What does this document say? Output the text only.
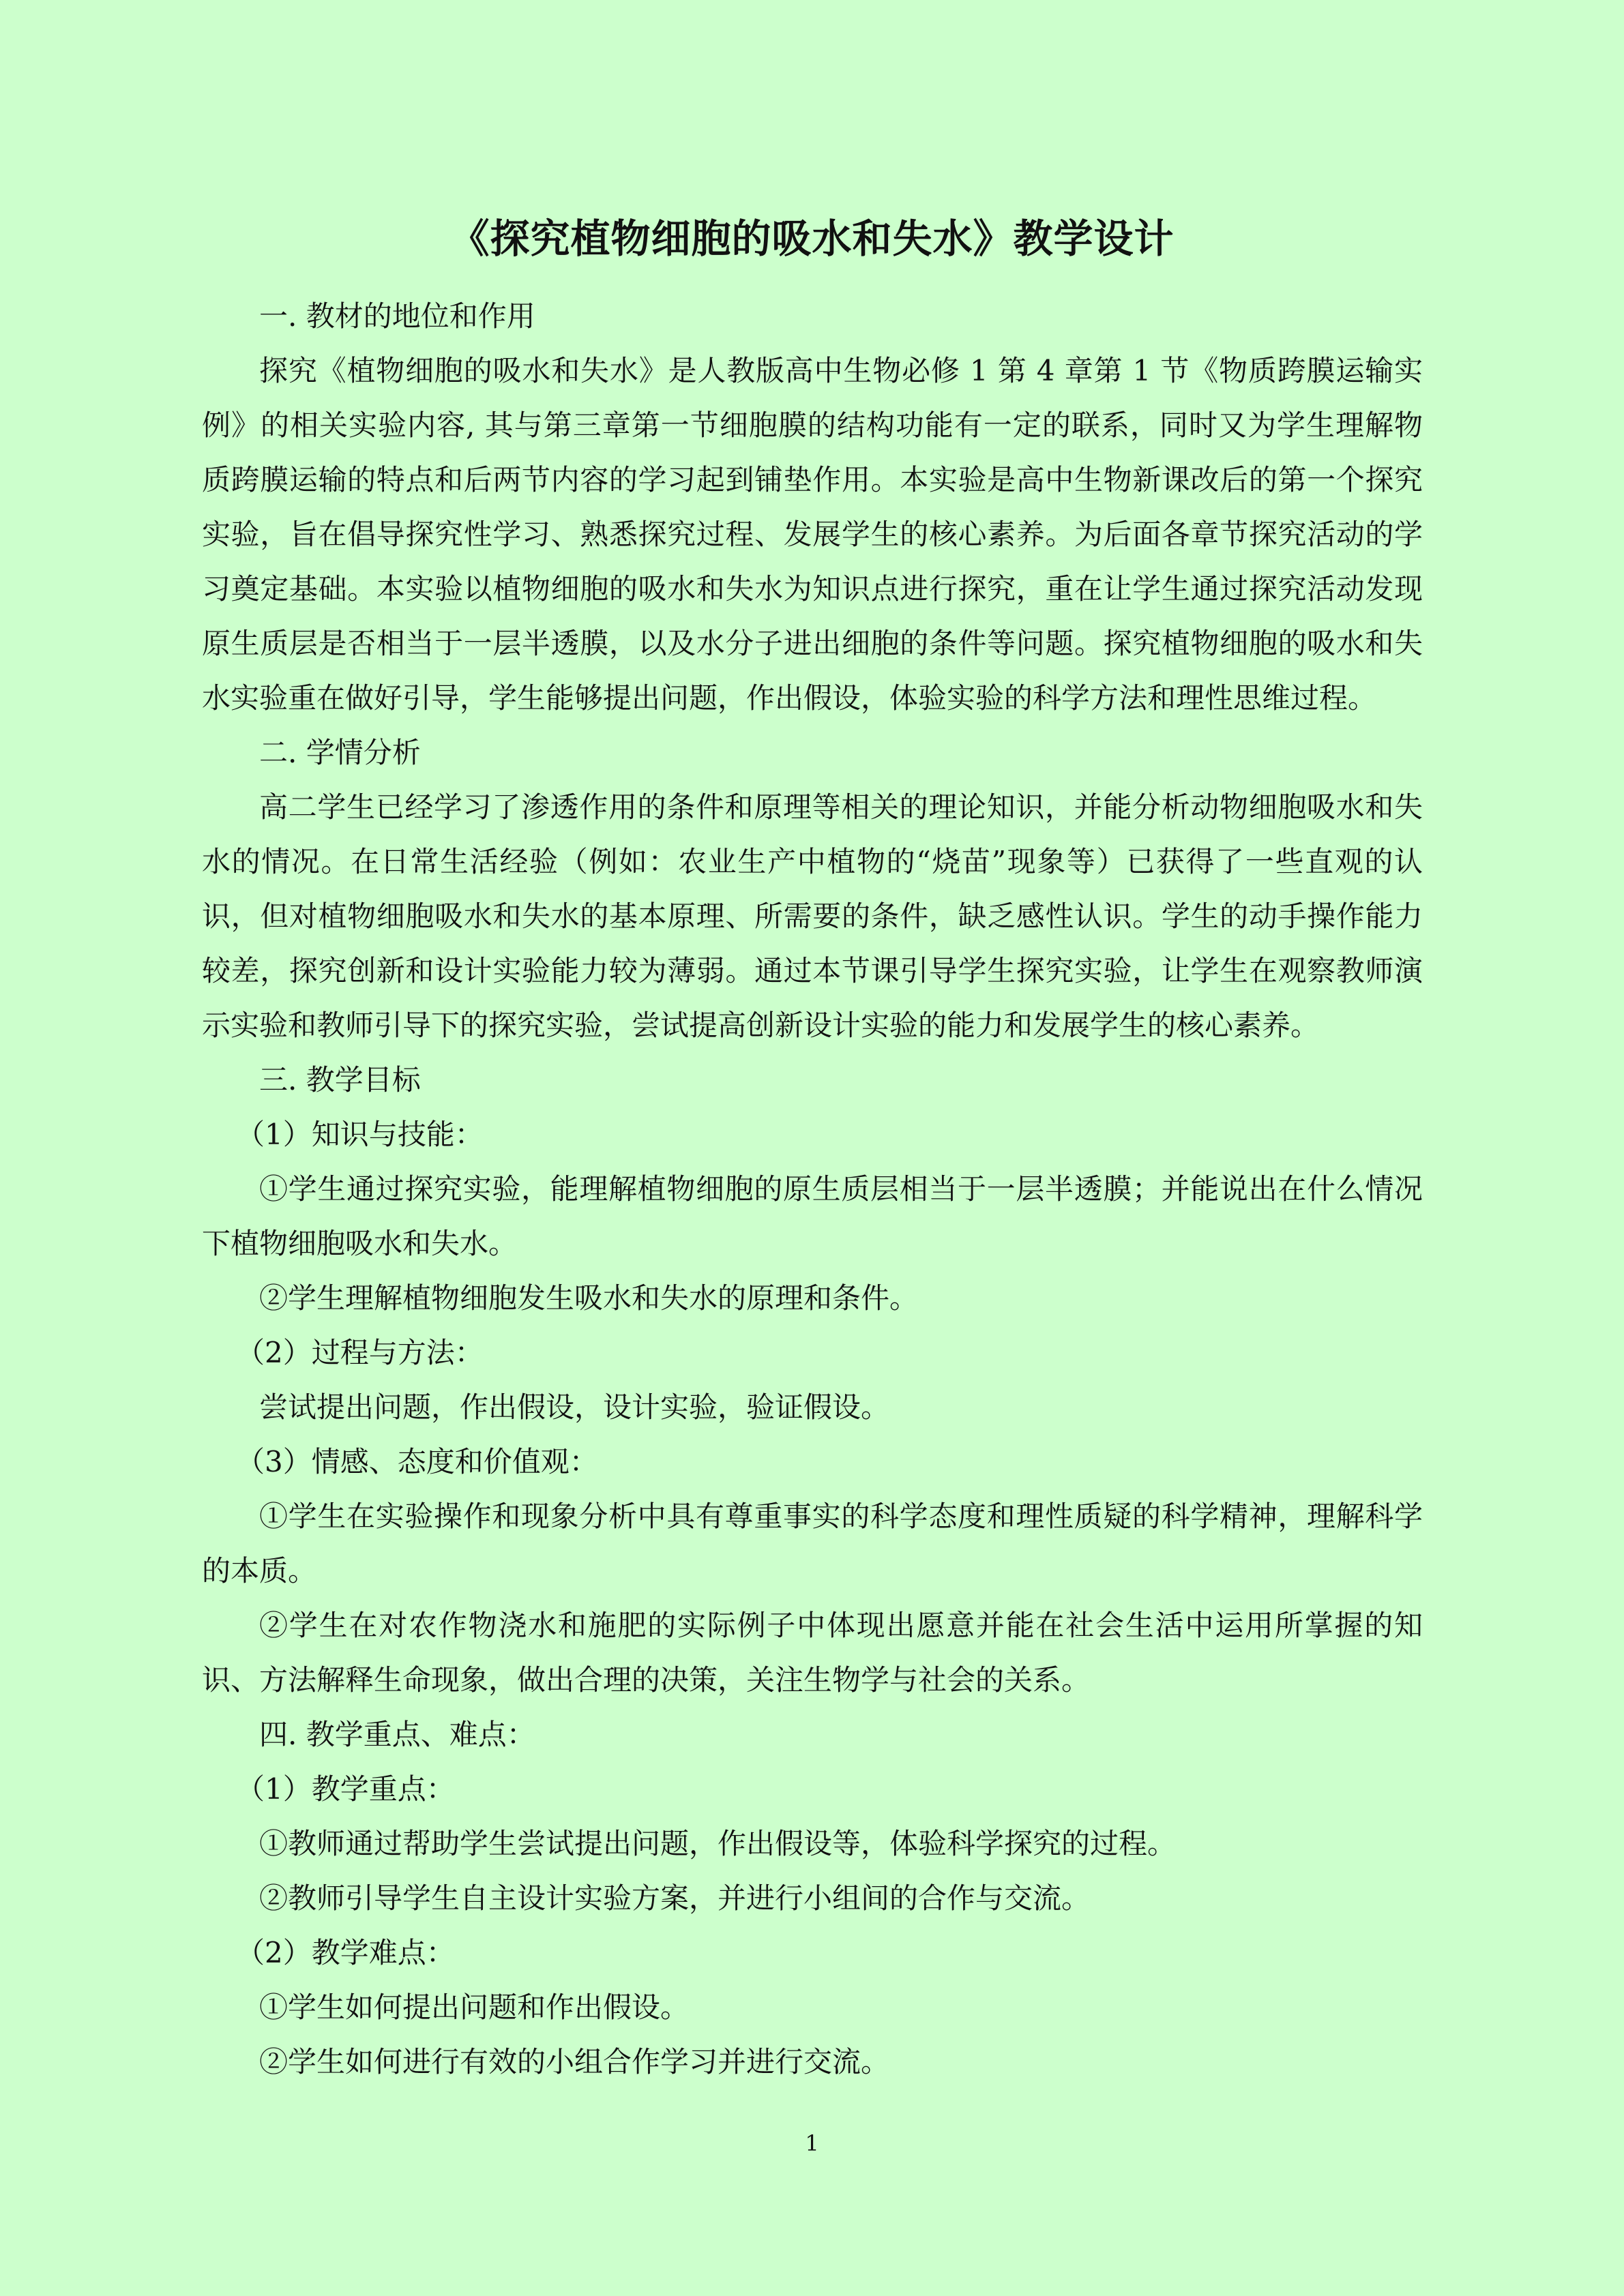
《探究植物细胞的吸水和失水》教学设计

一. 教材的地位和作用

探究《植物细胞的吸水和失水》是人教版高中生物必修 1 第 4 章第 1 节《物质跨膜运输实例》的相关实验内容, 其与第三章第一节细胞膜的结构功能有一定的联系，同时又为学生理解物质跨膜运输的特点和后两节内容的学习起到铺垫作用。本实验是高中生物新课改后的第一个探究实验，旨在倡导探究性学习、熟悉探究过程、发展学生的核心素养。为后面各章节探究活动的学习奠定基础。本实验以植物细胞的吸水和失水为知识点进行探究，重在让学生通过探究活动发现原生质层是否相当于一层半透膜，以及水分子进出细胞的条件等问题。探究植物细胞的吸水和失水实验重在做好引导，学生能够提出问题，作出假设，体验实验的科学方法和理性思维过程。

二. 学情分析

高二学生已经学习了渗透作用的条件和原理等相关的理论知识，并能分析动物细胞吸水和失水的情况。在日常生活经验（例如：农业生产中植物的“烧苗”现象等）已获得了一些直观的认识，但对植物细胞吸水和失水的基本原理、所需要的条件，缺乏感性认识。学生的动手操作能力较差，探究创新和设计实验能力较为薄弱。通过本节课引导学生探究实验，让学生在观察教师演示实验和教师引导下的探究实验，尝试提高创新设计实验的能力和发展学生的核心素养。

三. 教学目标

（1）知识与技能：

①学生通过探究实验，能理解植物细胞的原生质层相当于一层半透膜；并能说出在什么情况下植物细胞吸水和失水。

②学生理解植物细胞发生吸水和失水的原理和条件。

（2）过程与方法：

尝试提出问题，作出假设，设计实验，验证假设。

（3）情感、态度和价值观：

①学生在实验操作和现象分析中具有尊重事实的科学态度和理性质疑的科学精神，理解科学的本质。

②学生在对农作物浇水和施肥的实际例子中体现出愿意并能在社会生活中运用所掌握的知识、方法解释生命现象，做出合理的决策，关注生物学与社会的关系。

四. 教学重点、难点：

（1）教学重点：

①教师通过帮助学生尝试提出问题，作出假设等，体验科学探究的过程。

②教师引导学生自主设计实验方案，并进行小组间的合作与交流。

（2）教学难点：

①学生如何提出问题和作出假设。

②学生如何进行有效的小组合作学习并进行交流。

1
